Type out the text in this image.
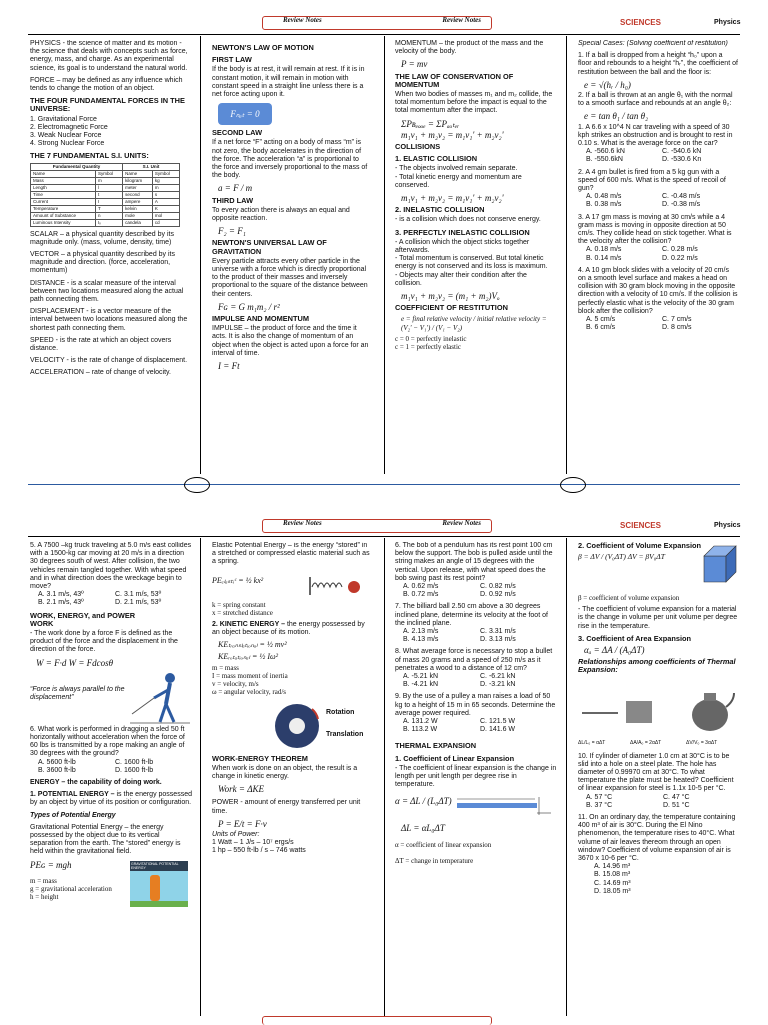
Review Notes	Review Notes	SCIENCES	Physics

PHYSICS - the science of matter and its motion - the science that deals with concepts such as force, energy, mass, and charge. As an experimental science, its goal is to understand the natural world.

FORCE – may be defined as any influence which tends to change the motion of an object.

THE FOUR FUNDAMENTAL FORCES IN THE UNIVERSE:
1. Gravitational Force
2. Electromagnetic Force
3. Weak Nuclear Force
4. Strong Nuclear Force
THE 7 FUNDAMENTAL S.I. UNITS:
Fundamental Quantity		S.I. Unit	
Name	Symbol	Name	Symbol
Mass	m	kilogram	kg
Length	l	meter	m
Time	t	second	s
Current	I	ampere	A
Temperature	T	kelvin	K
Amount of Substance	n	mole	mol
Luminous Intensity	Iᵥ	candela	cd

SCALAR – a physical quantity described by its magnitude only. (mass, volume, density, time)

VECTOR – a physical quantity described by its magnitude and direction. (force, acceleration, momentum)

DISTANCE - is a scalar measure of the interval between two locations measured along the actual path connecting them.

DISPLACEMENT - is a vector measure of the interval between two locations measured along the shortest path connecting them.

SPEED - is the rate at which an object covers distance.

VELOCITY - is the rate of change of displacement.

ACCELERATION – rate of change of velocity.

NEWTON'S LAW OF MOTION
FIRST LAW

If the body is at rest, it will remain at rest. If it is in constant motion, it will remain in motion with constant speed in a straight line unless there is a net force acting upon it.

Fₙₑₜ = 0
SECOND LAW

If a net force “F” acting on a body of mass “m” is not zero, the body accelerates in the direction of the force. The acceleration “a” is proportional to the force and inversely proportional to the mass of the body.

a = F / m
THIRD LAW

To every action there is always an equal and opposite reaction.

F₂ = F₁
NEWTON'S UNIVERSAL LAW OF GRAVITATION

Every particle attracts every other particle in the universe with a force which is directly proportional to the product of their masses and inversely proportional to the square of the distance between their centers.

Fɢ = G m₁m₂ / r²
IMPULSE AND MOMENTUM

IMPULSE – the product of force and the time it acts. It is also the change of momentum of an object when the object is acted upon a force for an interval of time.

I = Ft

MOMENTUM – the product of the mass and the velocity of the body.

P = mv
THE LAW OF CONSERVATION OF MOMENTUM

When two bodies of masses m₁ and m₂ collide, the total momentum before the impact is equal to the total momentum after the impact.

ΣPʙₑₒₒₑ = ΣPₐₒₜₑᵣ
m₁v₁ + m₂v₂ = m₁v₁' + m₂v₂'
COLLISIONS
1. ELASTIC COLLISION

- The objects involved remain separate.
- Total kinetic energy and momentum are conserved.

m₁v₁ + m₂v₂ = m₁v₁' + m₂v₂'
2. INELASTIC COLLISION

- is a collision which does not conserve energy.

3. PERFECTLY INELASTIC COLLISION

- A collision which the object sticks together afterwards.
- Total momentum is conserved. But total kinetic energy is not conserved and its loss is maximum.
- Objects may alter their condition after the collision.

m₁v₁ + m₂v₂ = (m₁ + m₂)Vₒ
COEFFICIENT OF RESTITUTION
e = final relative velocity / initial relative velocity = (V₂' − V₁') / (V₁ − V₂)

c = 0 = perfectly inelastic
c = 1 = perfectly elastic

Special Cases: (Solving coefficient of restitution)

1. If a ball is dropped from a height “h₀” upon a floor and rebounds to a height “hᵣ”, the coefficient of restitution between the ball and the floor is:

e = √(hᵣ / h₀)

2. If a ball is thrown at an angle θ₁ with the normal to a smooth surface and rebounds at an angle θ₂:

e = tan θ₁ / tan θ₂

1. A 6.6 x 10^4 N car traveling with a speed of 30 kph strikes an obstruction and is brought to rest in 0.10 s. What is the average force on the car?

A. -560.6 kN	C. -540.6 kN
B. -550.6kN	D. -530.6 Kn

2. A 4 gm bullet is fired from a 5 kg gun with a speed of 600 m/s. What is the speed of recoil of gun?

A. 0.48 m/s	C. -0.48 m/s
B. 0.38 m/s	D. -0.38 m/s

3. A 17 gm mass is moving at 30 cm/s while a 4 gram mass is moving in opposite direction at 50 cm/s. They collide head on stick together. What is the velocity after the collision?

A. 0.18 m/s	C. 0.28 m/s
B. 0.14 m/s	D. 0.22 m/s

4. A 10 gm block slides with a velocity of 20 cm/s on a smooth level surface and makes a head on collision with 30 gram block moving in the opposite direction with a velocity of 10 cm/s. If the collision is perfectly elastic what is the velocity of the 30 gram block after the collision?

A. 5 cm/s	C. 7 cm/s
B. 6 cm/s	D. 8 cm/s
Review Notes	Review Notes	SCIENCES	Physics

5. A 7500 –kg truck traveling at 5.0 m/s east collides with a 1500-kg car moving at 20 m/s in a direction 30 degrees south of west. After collision, the two vehicles remain tangled together. With what speed and in what direction does the wreckage begin to move?

A. 3.1 m/s, 43º	C. 3.1 m/s, 53º
B. 2.1 m/s, 43º	D. 2.1 m/s, 53º
WORK, ENERGY, and POWER
WORK

- The work done by a force F is defined as the product of the force and the displacement in the direction of the force.

W = F·d W = Fdcosθ
“Force is always parallel to the displacement”

6. What work is performed in dragging a sled 50 ft horizontally without acceleration when the force of 60 lbs is transmitted by a rope making an angle of 30 degrees with the ground?

A. 5600 ft-lb	C. 1600 ft-lb
B. 3600 ft-lb	D. 1600 ft-lb

ENERGY – the capability of doing work.

1. POTENTIAL ENERGY – is the energy possessed by an object by virtue of its position or configuration.

Types of Potential Energy

Gravitational Potential Energy – the energy possessed by the object due to its vertical separation from the earth. The “stored” energy is held within the gravitational field.

PEɢ = mgh
m = mass
g = gravitational acceleration
h = height
GRAVITATIONAL POTENTIAL ENERGY

Elastic Potential Energy – is the energy “stored” in a stretched or compressed elastic material such as a spring.

PEₑₗₐₛₜᵢᶜ = ½ kx²

k = spring constant
x = stretched distance

2. KINETIC ENERGY – the energy possessed by an object because of its motion.

KEₜᵣₐₙₛₗₐₜᵢₒₙₐₗ = ½ mv²
KEᵣₒₜₐₜᵢₒₙₐₗ = ½ Iω²

m = mass
I = mass moment of inertia
v = velocity, m/s
ω = angular velocity, rad/s

Rotation
Translation
WORK-ENERGY THEOREM

When work is done on an object, the result is a change in kinetic energy.

Work = ΔKE

POWER - amount of energy transferred per unit time.

P = E/t = F·v

Units of Power:

1 Watt – 1 J/s – 10⁷ ergs/s
1 hp – 550 ft-lb / s – 746 watts

6. The bob of a pendulum has its rest point 100 cm below the support. The bob is pulled aside until the string makes an angle of 15 degrees with the vertical. Upon release, with what speed does the bob swing past its rest point?

A. 0.62 m/s	C. 0.82 m/s
B. 0.72 m/s	D. 0.92 m/s

7. The billiard ball 2.50 cm above a 30 degrees inclined plane, determine its velocity at the foot of the inclined plane.

A. 2.13 m/s	C. 3.31 m/s
B. 4.13 m/s	D. 3.13 m/s

8. What average force is necessary to stop a bullet of mass 20 grams and a speed of 250 m/s as it penetrates a wood to a distance of 12 cm?

A. -5.21 kN	C. -6.21 kN
B. -4.21 kN	D. -3.21 kN

9. By the use of a pulley a man raises a load of 50 kg to a height of 15 m in 65 seconds. Determine the average power required.

A. 131.2 W	C. 121.5 W
B. 113.2 W	D. 141.6 W
THERMAL EXPANSION
1. Coefficient of Linear Expansion

- The coefficient of linear expansion is the change in length per unit length per degree rise in temperature.

α = ΔL / (L₀ΔT)
ΔL = αL₀ΔT

α = coefficient of linear expansion

ΔT = change in temperature

2. Coefficient of Volume Expansion
β = ΔV / (V₀ΔT) ΔV = βV₀ΔT

β = coefficient of volume expansion

- The coefficient of volume expansion for a material is the change in volume per unit volume per degree rise in the temperature.

3. Coefficient of Area Expansion
αₐ = ΔA / (A₀ΔT)
Relationships among coefficients of Thermal Expansion:
ΔL/L₀ = αΔT	ΔA/A₀ = 2αΔT	ΔV/V₀ = 3αΔT

10. If cylinder of diameter 1.0 cm at 30°C is to be slid into a hole on a steel plate. The hole has diameter of 0.99970 cm at 30°C. To what temperature the plate must be heated? Coefficient of linear expansion for steel is 1.1x 10-5 per °C.

A. 57 °C	C. 47 °C
B. 37 °C	D. 51 °C

11. On an ordinary day, the temperature containing 400 m³ of air is 30°C. During the El Nino phenomenon, the temperature rises to 40°C. What volume of air leaves thereom through an open window? Coefficient of volume expansion of air is 3670 x 10-6 per °C.

A. 14.96 m³
B. 15.08 m³
C. 14.69 m³
D. 18.05 m³
